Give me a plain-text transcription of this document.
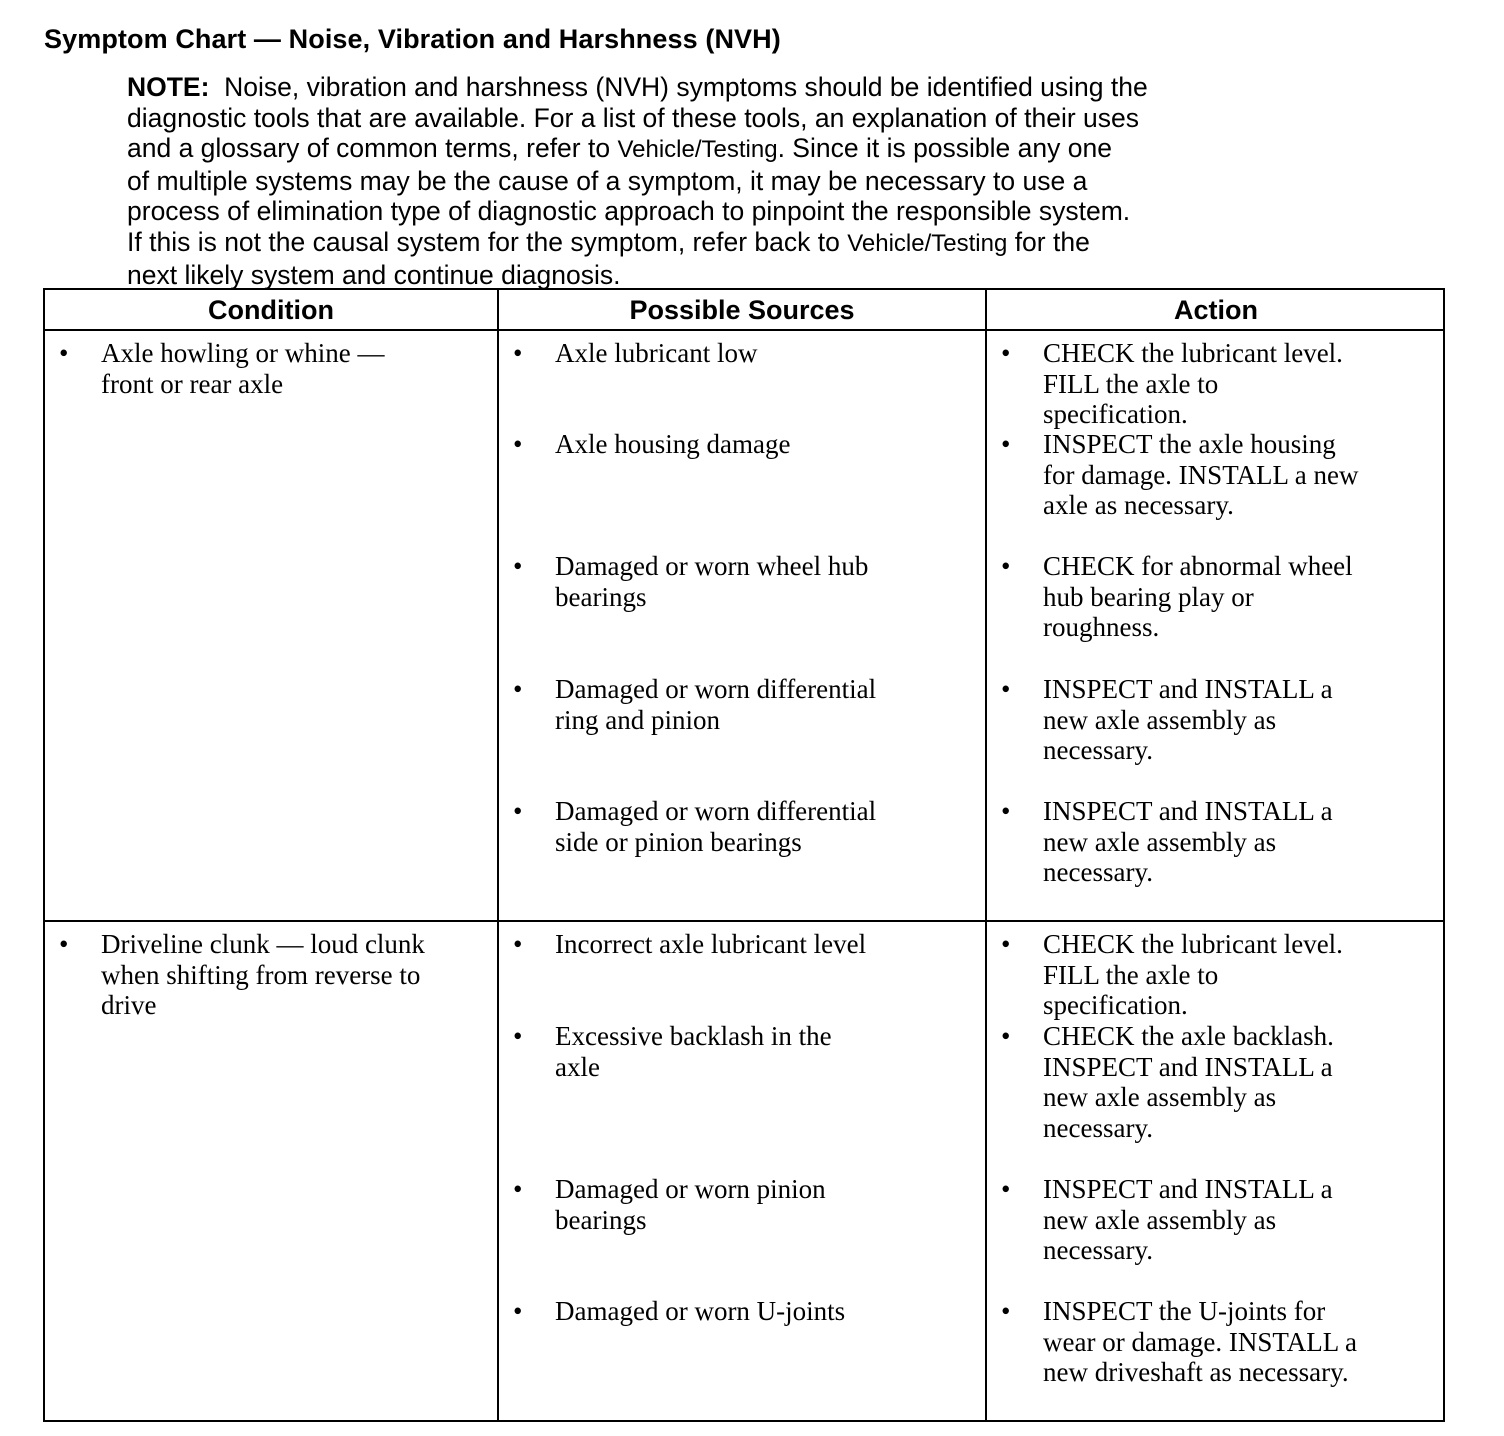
Symptom Chart — Noise, Vibration and Harshness (NVH)
NOTE: Noise, vibration and harshness (NVH) symptoms should be identified using the
diagnostic tools that are available. For a list of these tools, an explanation of their uses
and a glossary of common terms, refer to Vehicle/Testing. Since it is possible any one
of multiple systems may be the cause of a symptom, it may be necessary to use a
process of elimination type of diagnostic approach to pinpoint the responsible system.
If this is not the causal system for the symptom, refer back to Vehicle/Testing for the
next likely system and continue diagnosis.
Condition	Possible Sources	Action
• Axle howling or whine —
front or rear axle
• Axle lubricant low
• Axle housing damage
• Damaged or worn wheel hub
bearings
• Damaged or worn differential
ring and pinion
• Damaged or worn differential
side or pinion bearings
• CHECK the lubricant level.
FILL the axle to
specification.
• INSPECT the axle housing
for damage. INSTALL a new
axle as necessary.
• CHECK for abnormal wheel
hub bearing play or
roughness.
• INSPECT and INSTALL a
new axle assembly as
necessary.
• INSPECT and INSTALL a
new axle assembly as
necessary.
• Driveline clunk — loud clunk
when shifting from reverse to
drive
• Incorrect axle lubricant level
• Excessive backlash in the
axle
• Damaged or worn pinion
bearings
• Damaged or worn U-joints
• CHECK the lubricant level.
FILL the axle to
specification.
• CHECK the axle backlash.
INSPECT and INSTALL a
new axle assembly as
necessary.
• INSPECT and INSTALL a
new axle assembly as
necessary.
• INSPECT the U-joints for
wear or damage. INSTALL a
new driveshaft as necessary.
